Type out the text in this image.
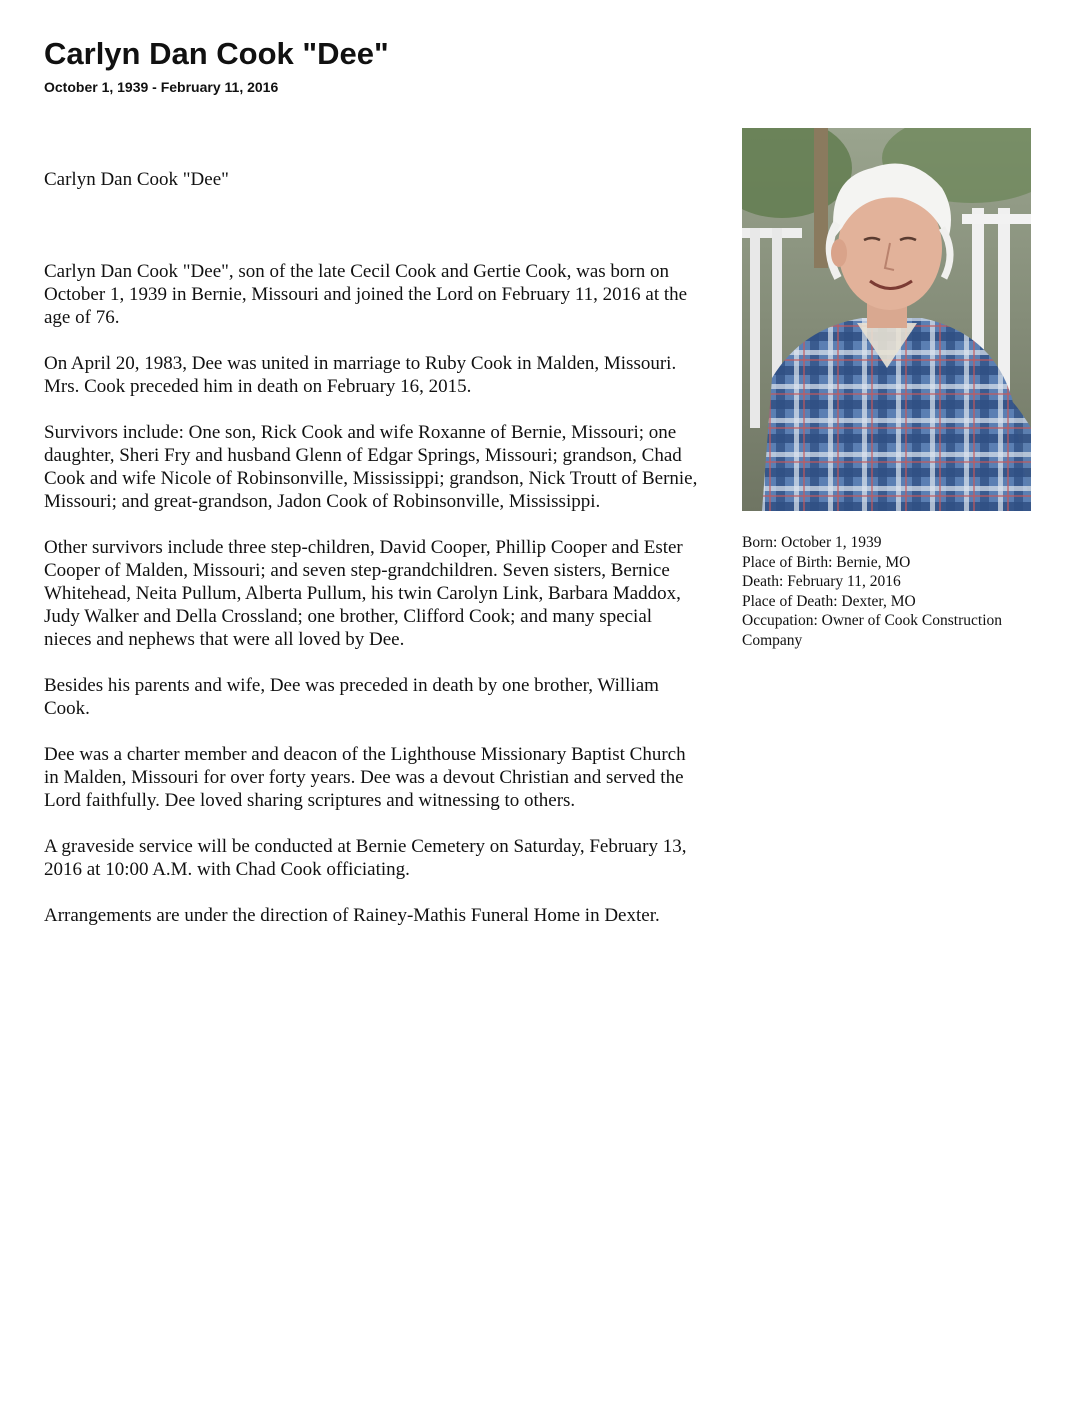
Carlyn Dan Cook "Dee"
October 1, 1939 - February 11, 2016

Carlyn Dan Cook "Dee"

Carlyn Dan Cook "Dee", son of the late Cecil Cook and Gertie Cook, was born on October 1, 1939 in Bernie, Missouri and joined the Lord on February 11, 2016 at the age of 76.

On April 20, 1983, Dee was united in marriage to Ruby Cook in Malden, Missouri. Mrs. Cook preceded him in death on February 16, 2015.

Survivors include: One son, Rick Cook and wife Roxanne of Bernie, Missouri; one daughter, Sheri Fry and husband Glenn of Edgar Springs, Missouri; grandson, Chad Cook and wife Nicole of Robinsonville, Mississippi; grandson, Nick Troutt of Bernie, Missouri; and great-grandson, Jadon Cook of Robinsonville, Mississippi.

Other survivors include three step-children, David Cooper, Phillip Cooper and Ester Cooper of Malden, Missouri; and seven step-grandchildren. Seven sisters, Bernice Whitehead, Neita Pullum, Alberta Pullum, his twin Carolyn Link, Barbara Maddox, Judy Walker and Della Crossland; one brother, Clifford Cook; and many special nieces and nephews that were all loved by Dee.

Besides his parents and wife, Dee was preceded in death by one brother, William Cook.

Dee was a charter member and deacon of the Lighthouse Missionary Baptist Church in Malden, Missouri for over forty years. Dee was a devout Christian and served the Lord faithfully. Dee loved sharing scriptures and witnessing to others.

A graveside service will be conducted at Bernie Cemetery on Saturday, February 13, 2016 at 10:00 A.M. with Chad Cook officiating.

Arrangements are under the direction of Rainey-Mathis Funeral Home in Dexter.

Born: October 1, 1939
Place of Birth: Bernie, MO
Death: February 11, 2016
Place of Death: Dexter, MO
Occupation: Owner of Cook Construction Company
